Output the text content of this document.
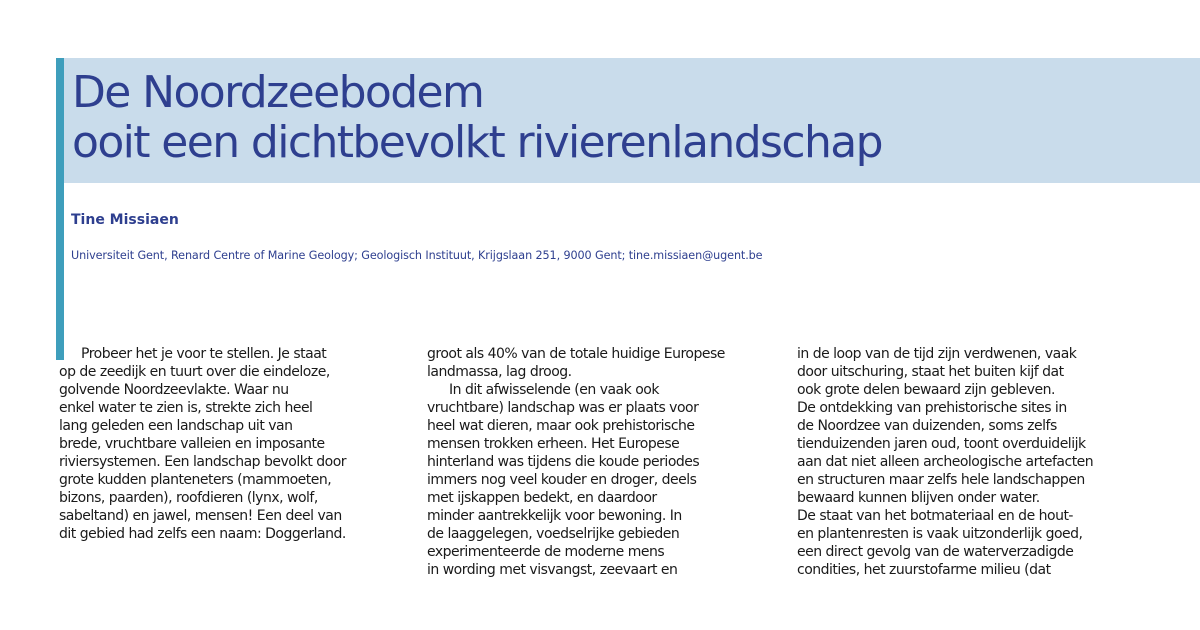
De Noordzeebodem
ooit een dichtbevolkt rivierenlandschap

Tine Missiaen

Universiteit Gent, Renard Centre of Marine Geology; Geologisch Instituut, Krijgslaan 251, 9000 Gent; tine.missiaen@ugent.be

Probeer het je voor te stellen. Je staat
op de zeedijk en tuurt over die eindeloze,
golvende Noordzeevlakte. Waar nu
enkel water te zien is, strekte zich heel
lang geleden een landschap uit van
brede, vruchtbare valleien en imposante
riviersystemen. Een landschap bevolkt door
grote kudden planteneters (mammoeten,
bizons, paarden), roofdieren (lynx, wolf,
sabeltand) en jawel, mensen! Een deel van
dit gebied had zelfs een naam: Doggerland.
groot als 40% van de totale huidige Europese
landmassa, lag droog.
In dit afwisselende (en vaak ook
vruchtbare) landschap was er plaats voor
heel wat dieren, maar ook prehistorische
mensen trokken erheen. Het Europese
hinterland was tijdens die koude periodes
immers nog veel kouder en droger, deels
met ijskappen bedekt, en daardoor
minder aantrekkelijk voor bewoning. In
de laaggelegen, voedselrijke gebieden
experimenteerde de moderne mens
in wording met visvangst, zeevaart en
in de loop van de tijd zijn verdwenen, vaak
door uitschuring, staat het buiten kijf dat
ook grote delen bewaard zijn gebleven.
De ontdekking van prehistorische sites in
de Noordzee van duizenden, soms zelfs
tienduizenden jaren oud, toont overduidelijk
aan dat niet alleen archeologische artefacten
en structuren maar zelfs hele landschappen
bewaard kunnen blijven onder water.
De staat van het botmateriaal en de hout-
en plantenresten is vaak uitzonderlijk goed,
een direct gevolg van de waterverzadigde
condities, het zuurstofarme milieu (dat
